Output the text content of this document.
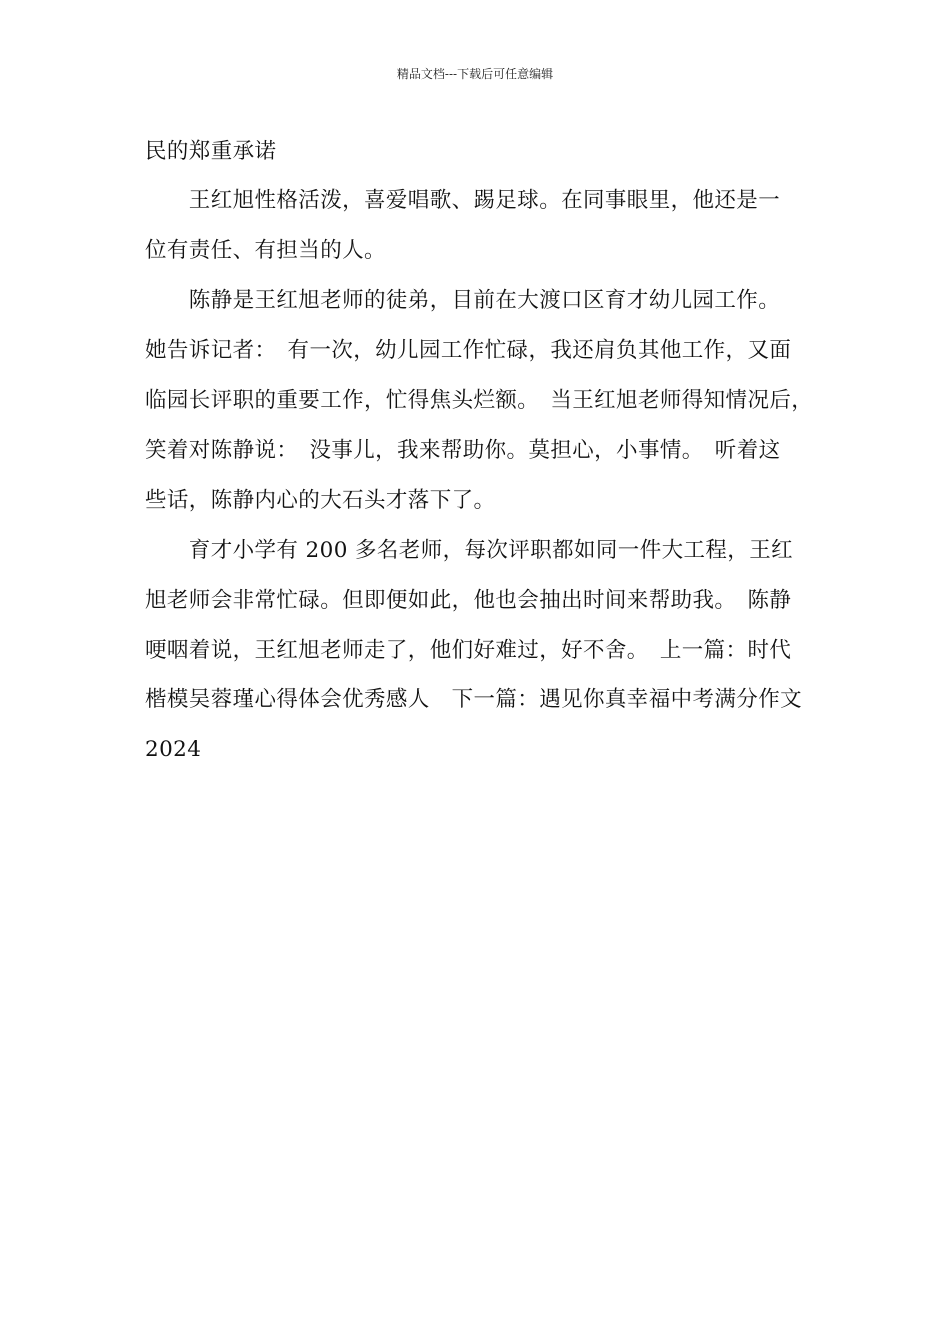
精品文档---下载后可任意编辑
民的郑重承诺
　　王红旭性格活泼，喜爱唱歌、踢足球。在同事眼里，他还是一
位有责任、有担当的人。
　　陈静是王红旭老师的徒弟，目前在大渡口区育才幼儿园工作。
她告诉记者：　有一次，幼儿园工作忙碌，我还肩负其他工作，又面
临园长评职的重要工作，忙得焦头烂额。　当王红旭老师得知情况后，
笑着对陈静说：　没事儿，我来帮助你。莫担心，小事情。　听着这
些话，陈静内心的大石头才落下了。
　　育才小学有 200 多名老师，每次评职都如同一件大工程，王红
旭老师会非常忙碌。但即便如此，他也会抽出时间来帮助我。　陈静
哽咽着说，王红旭老师走了，他们好难过，好不舍。　上一篇：时代
楷模吴蓉瑾心得体会优秀感人　下一篇：遇见你真幸福中考满分作文
2024
